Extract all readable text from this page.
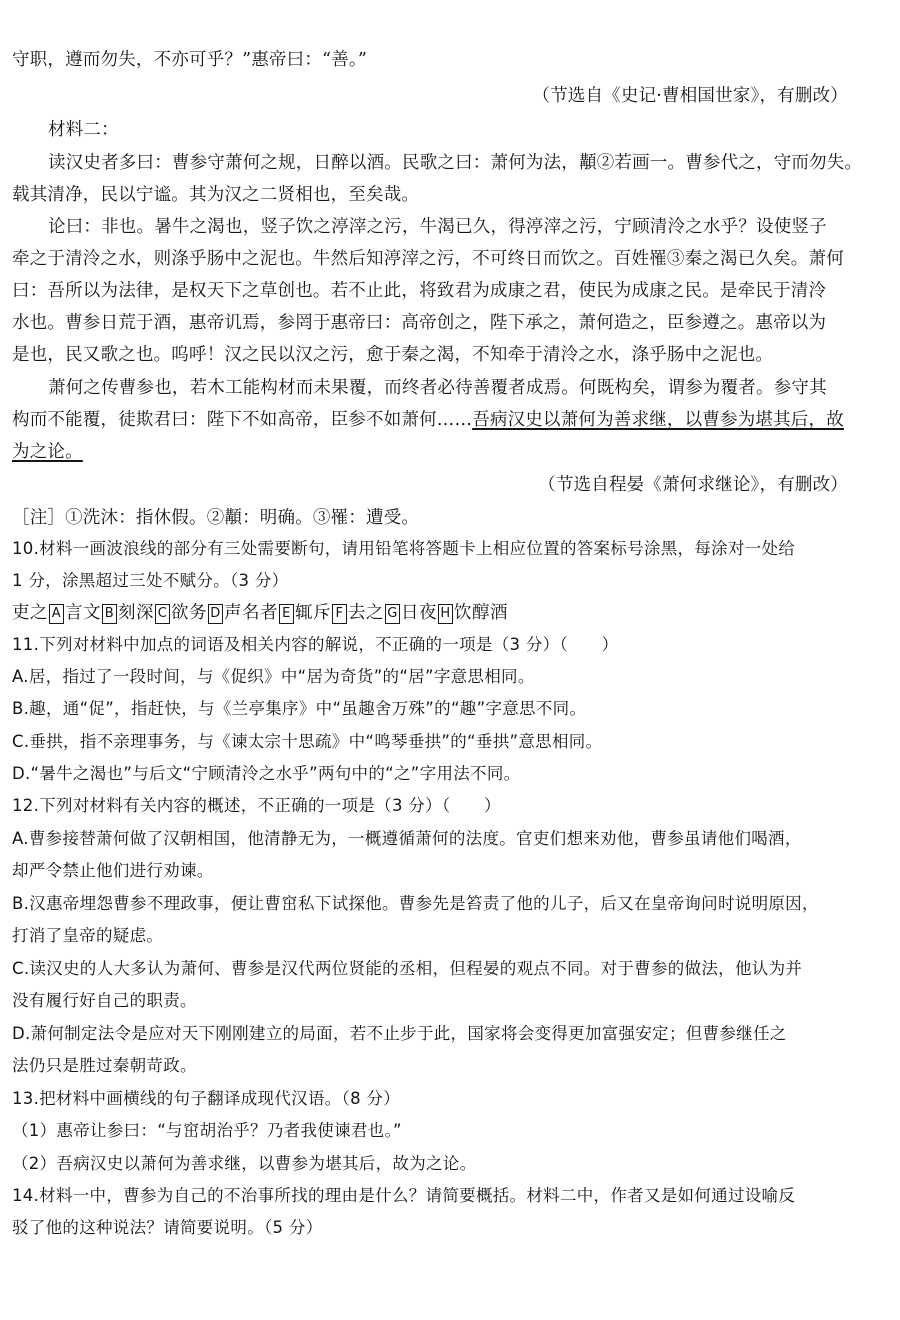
守职，遵而勿失，不亦可乎？”惠帝曰：“善。”
（节选自《史记·曹相国世家》，有删改）
材料二：
读汉史者多曰：曹参守萧何之规，日醉以酒。民歌之曰：萧何为法，顜②若画一。曹参代之，守而勿失。
载其清净，民以宁谧。其为汉之二贤相也，至矣哉。
论曰：非也。暑牛之渴也，竖子饮之渟滓之污，牛渴已久，得渟滓之污，宁顾清泠之水乎？设使竖子
牵之于清泠之水，则涤乎肠中之泥也。牛然后知渟滓之污，不可终日而饮之。百姓罹③秦之渴已久矣。萧何
曰：吾所以为法律，是权天下之草创也。若不止此，将致君为成康之君，使民为成康之民。是牵民于清泠
水也。曹参日荒于酒，惠帝讥焉，参罔于惠帝曰：高帝创之，陛下承之，萧何造之，臣参遵之。惠帝以为
是也，民又歌之也。呜呼！汉之民以汉之污，愈于秦之渴，不知牵于清泠之水，涤乎肠中之泥也。
萧何之传曹参也，若木工能构材而未果覆，而终者必待善覆者成焉。何既构矣，谓参为覆者。参守其
构而不能覆，徒欺君曰：陛下不如高帝，臣参不如萧何……吾病汉史以萧何为善求继，以曹参为堪其后，故
为之论。
（节选自程晏《萧何求继论》，有删改）
［注］①洗沐：指休假。②顜：明确。③罹：遭受。
10.材料一画波浪线的部分有三处需要断句，请用铅笔将答题卡上相应位置的答案标号涂黑，每涂对一处给
1 分，涂黑超过三处不赋分。（3 分）
吏之 A 言文 B 刻深 C 欲务 D 声名者 E 辄斥 F 去之 G 日夜 H 饮醇酒
11.下列对材料中加点的词语及相关内容的解说，不正确的一项是（3 分）（　　）
A.居，指过了一段时间，与《促织》中“居为奇货”的“居”字意思相同。
B.趣，通“促”，指赶快，与《兰亭集序》中“虽趣舍万殊”的“趣”字意思不同。
C.垂拱，指不亲理事务，与《谏太宗十思疏》中“鸣琴垂拱”的“垂拱”意思相同。
D.“暑牛之渴也”与后文“宁顾清泠之水乎”两句中的“之”字用法不同。
12.下列对材料有关内容的概述，不正确的一项是（3 分）（　　）
A.曹参接替萧何做了汉朝相国，他清静无为，一概遵循萧何的法度。官吏们想来劝他，曹参虽请他们喝酒，
却严令禁止他们进行劝谏。
B.汉惠帝埋怨曹参不理政事，便让曹窋私下试探他。曹参先是笞责了他的儿子，后又在皇帝询问时说明原因，
打消了皇帝的疑虑。
C.读汉史的人大多认为萧何、曹参是汉代两位贤能的丞相，但程晏的观点不同。对于曹参的做法，他认为并
没有履行好自己的职责。
D.萧何制定法令是应对天下刚刚建立的局面，若不止步于此，国家将会变得更加富强安定；但曹参继任之
法仍只是胜过秦朝苛政。
13.把材料中画横线的句子翻译成现代汉语。（8 分）
（1）惠帝让参曰：“与窋胡治乎？乃者我使谏君也。”
（2）吾病汉史以萧何为善求继，以曹参为堪其后，故为之论。
14.材料一中，曹参为自己的不治事所找的理由是什么？请简要概括。材料二中，作者又是如何通过设喻反
驳了他的这种说法？请简要说明。（5 分）
